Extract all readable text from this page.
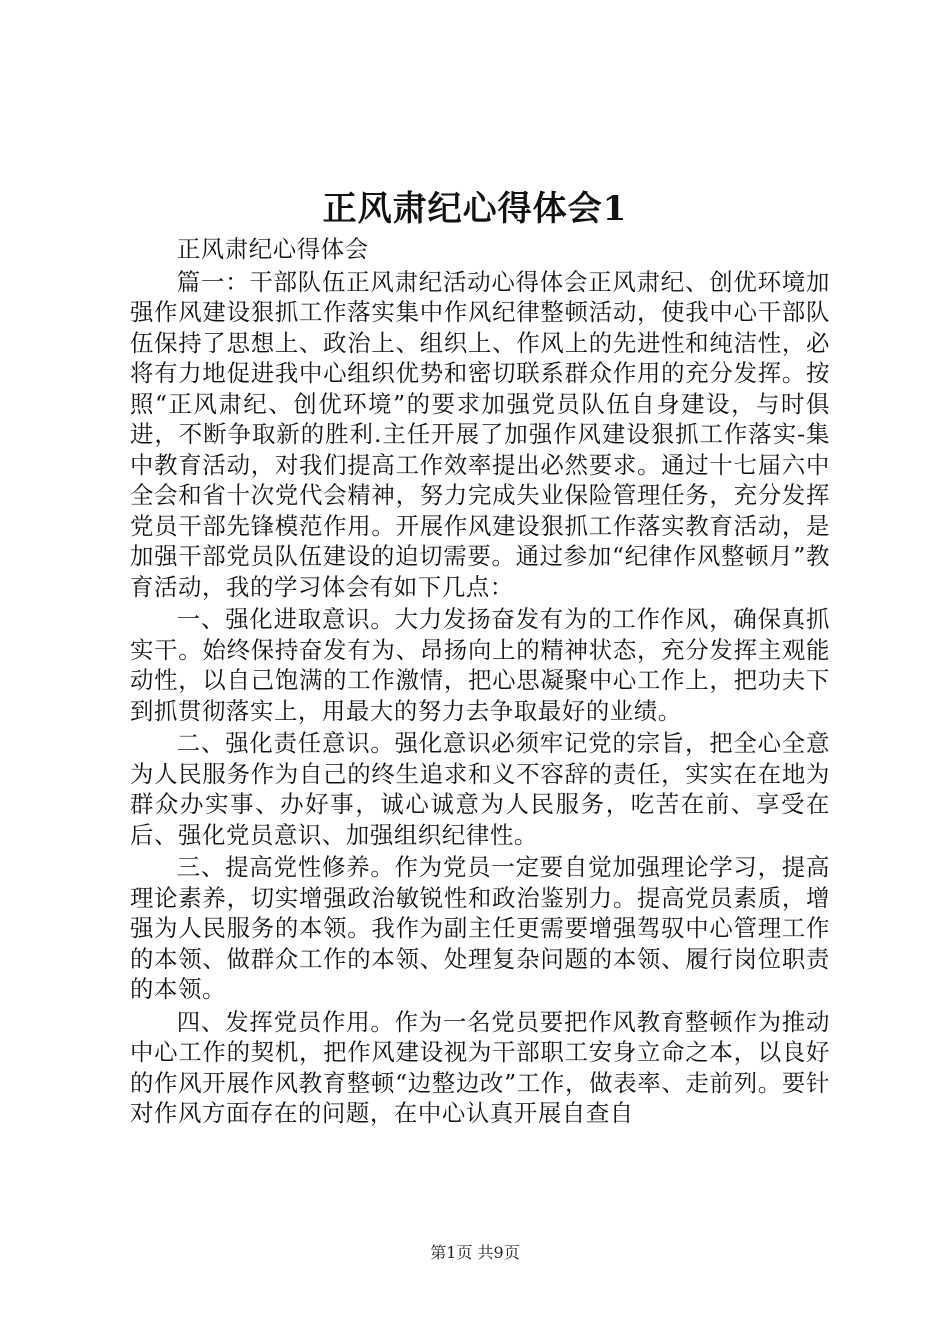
正风肃纪心得体会1

正风肃纪心得体会

篇一：干部队伍正风肃纪活动心得体会正风肃纪、创优环境加强作风建设狠抓工作落实集中作风纪律整顿活动，使我中心干部队伍保持了思想上、政治上、组织上、作风上的先进性和纯洁性，必将有力地促进我中心组织优势和密切联系群众作用的充分发挥。按照“正风肃纪、创优环境”的要求加强党员队伍自身建设，与时俱进，不断争取新的胜利.主任开展了加强作风建设狠抓工作落实-集中教育活动，对我们提高工作效率提出必然要求。通过十七届六中全会和省十次党代会精神，努力完成失业保险管理任务，充分发挥党员干部先锋模范作用。开展作风建设狠抓工作落实教育活动，是加强干部党员队伍建设的迫切需要。通过参加“纪律作风整顿月”教育活动，我的学习体会有如下几点：

一、强化进取意识。大力发扬奋发有为的工作作风，确保真抓实干。始终保持奋发有为、昂扬向上的精神状态，充分发挥主观能动性，以自己饱满的工作激情，把心思凝聚中心工作上，把功夫下到抓贯彻落实上，用最大的努力去争取最好的业绩。

二、强化责任意识。强化意识必须牢记党的宗旨，把全心全意为人民服务作为自己的终生追求和义不容辞的责任，实实在在地为群众办实事、办好事，诚心诚意为人民服务，吃苦在前、享受在后、强化党员意识、加强组织纪律性。

三、提高党性修养。作为党员一定要自觉加强理论学习，提高理论素养，切实增强政治敏锐性和政治鉴别力。提高党员素质，增强为人民服务的本领。我作为副主任更需要增强驾驭中心管理工作的本领、做群众工作的本领、处理复杂问题的本领、履行岗位职责的本领。

四、发挥党员作用。作为一名党员要把作风教育整顿作为推动中心工作的契机，把作风建设视为干部职工安身立命之本，以良好的作风开展作风教育整顿“边整边改”工作，做表率、走前列。要针对作风方面存在的问题，在中心认真开展自查自

第1页 共9页
